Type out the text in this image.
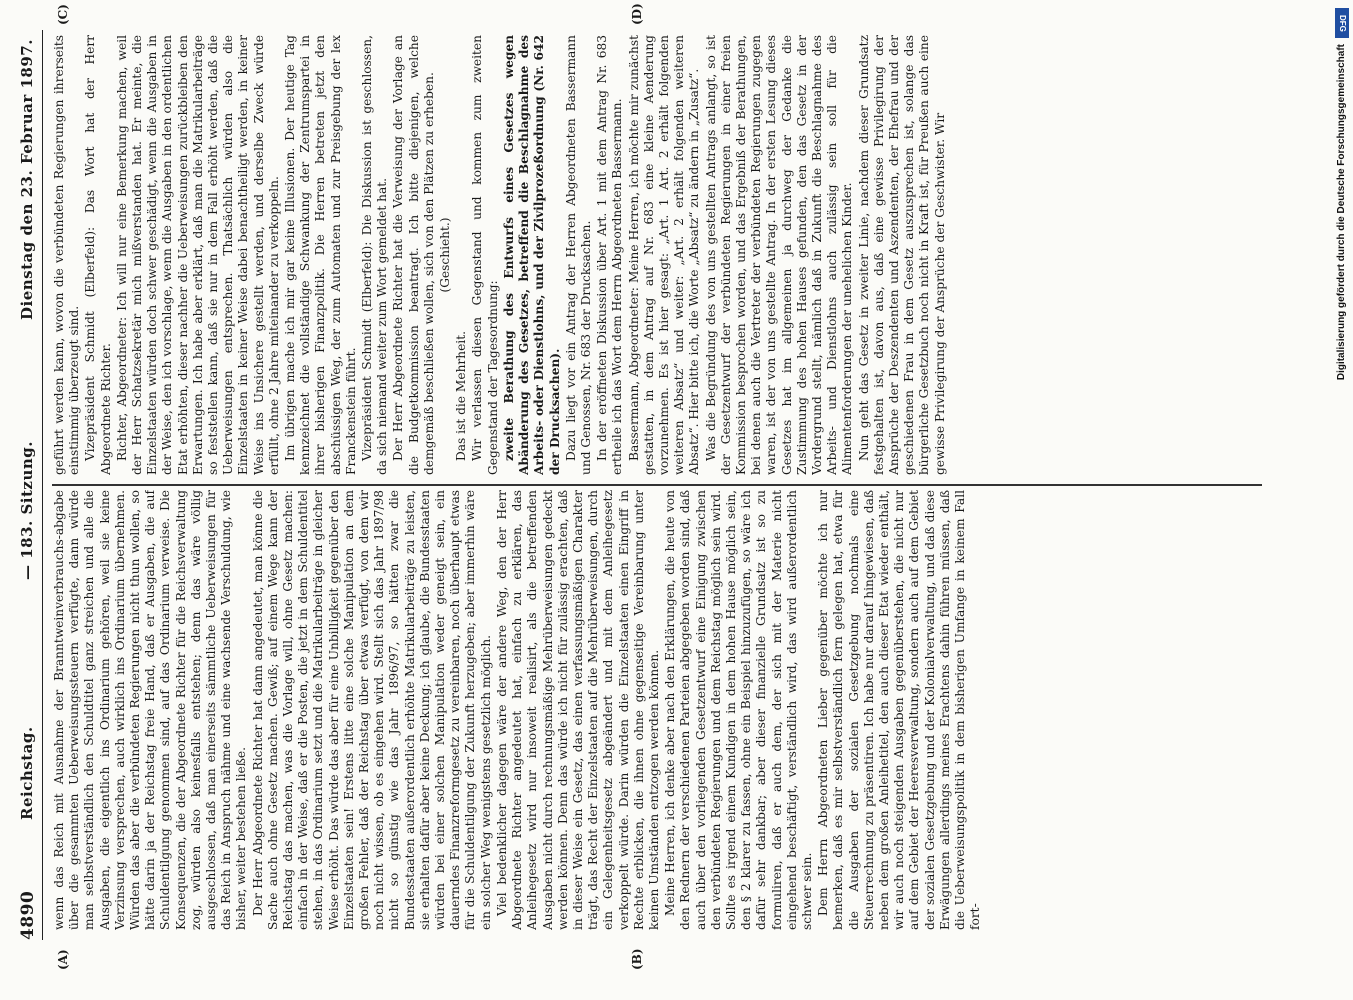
4890
Reichstag.
— 183. Sitzung.
Dienstag den 23. Februar 1897.
(A)	(B)
(C)	(D)

wenn das Reich mit Ausnahme der Branntweinverbrauchs-abgabe über die gesammten Ueberweisungssteuern verfügte, dann würde man selbstverständlich den Schuldtitel ganz streichen und alle die Ausgaben, die eigentlich ins Ordinarium gehören, weil sie keine Verzinsung versprechen, auch wirklich ins Ordinarium übernehmen. Würden das aber die verbündeten Regierungen nicht thun wollen, so hätte darin ja der Reichstag freie Hand, daß er Ausgaben, die auf Schuldentilgung genommen sind, auf das Ordinarium verweise. Die Konsequenzen, die der Abgeordnete Richter für die Reichsverwaltung zog, würden also keinesfalls entstehen; denn das wäre völlig ausgeschlossen, daß man einerseits sämmtliche Ueberweisungen für das Reich in Anspruch nähme und eine wachsende Verschuldung, wie bisher, weiter bestehen ließe. Der Herr Abgeordnete Richter hat dann angedeutet, man könne die Sache auch ohne Gesetz machen. Gewiß; auf einem Wege kann der Reichstag das machen, was die Vorlage will, ohne Gesetz machen: einfach in der Weise, daß er die Posten, die jetzt in dem Schuldentitel stehen, in das Ordinarium setzt und die Matrikularbeiträge in gleicher Weise erhöht. Das würde das aber für eine Unbilligkeit gegenüber den Einzelstaaten sein! Erstens litte eine solche Manipulation an dem großen Fehler, daß der Reichstag über etwas verfügt, von dem wir noch nicht wissen, ob es eingehen wird. Stellt sich das Jahr 1897/98 nicht so günstig wie das Jahr 1896/97, so hätten zwar die Bundesstaaten außerordentlich erhöhte Matrikularbeiträge zu leisten, sie erhalten dafür aber keine Deckung; ich glaube, die Bundesstaaten würden bei einer solchen Manipulation weder geneigt sein, ein dauerndes Finanzreformgesetz zu vereinbaren, noch überhaupt etwas für die Schuldentilgung der Zukunft herzugeben; aber immerhin wäre ein solcher Weg wenigstens gesetzlich möglich. Viel bedenklicher dagegen wäre der andere Weg, den der Herr Abgeordnete Richter angedeutet hat, einfach zu erklären, das Anleihegesetz wird nur insoweit realisirt, als die betreffenden Ausgaben nicht durch rechnungsmäßige Mehrüberweisungen gedeckt werden können. Denn das würde ich nicht für zulässig erachten, daß in dieser Weise ein Gesetz, das einen verfassungsmäßigen Charakter trägt, das Recht der Einzelstaaten auf die Mehrüberweisungen, durch ein Gelegenheitsgesetz abgeändert und mit dem Anleihegesetz verkoppelt würde. Darin würden die Einzelstaaten einen Eingriff in Rechte erblicken, die ihnen ohne gegenseitige Vereinbarung unter keinen Umständen entzogen werden können. Meine Herren, ich denke aber nach den Erklärungen, die heute von den Rednern der verschiedenen Parteien abgegeben worden sind, daß auch über den vorliegenden Gesetzentwurf eine Einigung zwischen den verbündeten Regierungen und dem Reichstag möglich sein wird. Sollte es irgend einem Kundigen in dem hohen Hause möglich sein, den § 2 klarer zu fassen, ohne ein Beispiel hinzuzufügen, so wäre ich dafür sehr dankbar; aber dieser finanzielle Grundsatz ist so zu formuliren, daß er auch dem, der sich mit der Materie nicht eingehend beschäftigt, verständlich wird, das wird außerordentlich schwer sein. Dem Herrn Abgeordneten Lieber gegenüber möchte ich nur bemerken, daß es mir selbstverständlich fern gelegen hat, etwa für die Ausgaben der sozialen Gesetzgebung nochmals eine Steuerrechnung zu präsentiren. Ich habe nur darauf hingewiesen, daß neben dem großen Anleihetitel, den auch dieser Etat wieder enthält, wir auch noch steigenden Ausgaben gegenüberstehen, die nicht nur auf dem Gebiet der Heeresverwaltung, sondern auch auf dem Gebiet der sozialen Gesetzgebung und der Kolonialverwaltung, und daß diese Erwägungen allerdings meines Erachtens dahin führen müssen, daß die Ueberweisungspolitik in dem bisherigen Umfange in keinem Fall fort-

geführt werden kann, wovon die verbündeten Regierungen ihrerseits einstimmig überzeugt sind. Vizepräsident Schmidt (Elberfeld): Das Wort hat der Herr Abgeordnete Richter. Richter, Abgeordneter: Ich will nur eine Bemerkung machen, weil der Herr Schatzsekretär mich mißverstanden hat. Er meinte, die Einzelstaaten würden doch schwer geschädigt, wenn die Ausgaben in der Weise, den ich vorschlage, wenn die Ausgaben in den ordentlichen Etat erhöhten, dieser nachher die Ueberweisungen zurückbleiben den Erwartungen. Ich habe aber erklärt, daß man die Matrikularbeiträge so feststellen kann, daß sie nur in dem Fall erhöht werden, daß die Ueberweisungen entsprechen. Thatsächlich würden also die Einzelstaaten in keiner Weise dabei benachtheiligt werden, in keiner Weise ins Unsichere gestellt werden, und derselbe Zweck würde erfüllt, ohne 2 Jahre miteinander zu verkoppeln. Im übrigen mache ich mir gar keine Illusionen. Der heutige Tag kennzeichnet die vollständige Schwankung der Zentrumspartei in ihrer bisherigen Finanzpolitik. Die Herren betreten jetzt den abschüssigen Weg, der zum Automaten und zur Preisgebung der lex Franckenstein führt. Vizepräsident Schmidt (Elberfeld): Die Diskussion ist geschlossen, da sich niemand weiter zum Wort gemeldet hat. Der Herr Abgeordnete Richter hat die Verweisung der Vorlage an die Budgetkommission beantragt. Ich bitte diejenigen, welche demgemäß beschließen wollen, sich von den Plätzen zu erheben. (Geschieht.)

Das ist die Mehrheit. Wir verlassen diesen Gegenstand und kommen zum zweiten Gegenstand der Tagesordnung: zweite Berathung des Entwurfs eines Gesetzes wegen Abänderung des Gesetzes, betreffend die Beschlagnahme des Arbeits- oder Dienstlohns, und der Zivilprozeßordnung (Nr. 642 der Drucksachen). Dazu liegt vor ein Antrag der Herren Abgeordneten Bassermann und Genossen, Nr. 683 der Drucksachen. In der eröffneten Diskussion über Art. 1 mit dem Antrag Nr. 683 ertheile ich das Wort dem Herrn Abgeordneten Bassermann. Bassermann, Abgeordneter: Meine Herren, ich möchte mir zunächst gestatten, in dem Antrag auf Nr. 683 eine kleine Aenderung vorzunehmen. Es ist hier gesagt: „Art. 1 Art. 2 erhält folgenden weiteren Absatz“ und weiter: „Art. 2 erhält folgenden weiteren Absatz“. Hier bitte ich, die Worte „Absatz“ zu ändern in „Zusatz“. Was die Begründung des von uns gestellten Antrags anlangt, so ist der Gesetzentwurf der verbündeten Regierungen in einer freien Kommission besprochen worden, und das Ergebniß der Berathungen, bei denen auch die Vertreter der verbündeten Regierungen zugegen waren, ist der von uns gestellte Antrag. In der ersten Lesung dieses Gesetzes hat im allgemeinen ja durchweg der Gedanke die Zustimmung des hohen Hauses gefunden, den das Gesetz in der Vordergrund stellt, nämlich daß in Zukunft die Beschlagnahme des Arbeits- und Dienstlohns auch zulässig sein soll für die Alimentenforderungen der unehelichen Kinder. Nun geht das Gesetz in zweiter Linie, nachdem dieser Grundsatz festgehalten ist, davon aus, daß eine gewisse Privilegirung der Ansprüche der Deszendenten und Aszendenten, der Ehefrau und der geschiedenen Frau in dem Gesetz auszusprechen ist, solange das bürgerliche Gesetzbuch noch nicht in Kraft ist, für Preußen auch eine gewisse Privilegirung der Ansprüche der Geschwister. Wir

DFG
Digitalisierung gefördert durch die Deutsche Forschungsgemeinschaft
